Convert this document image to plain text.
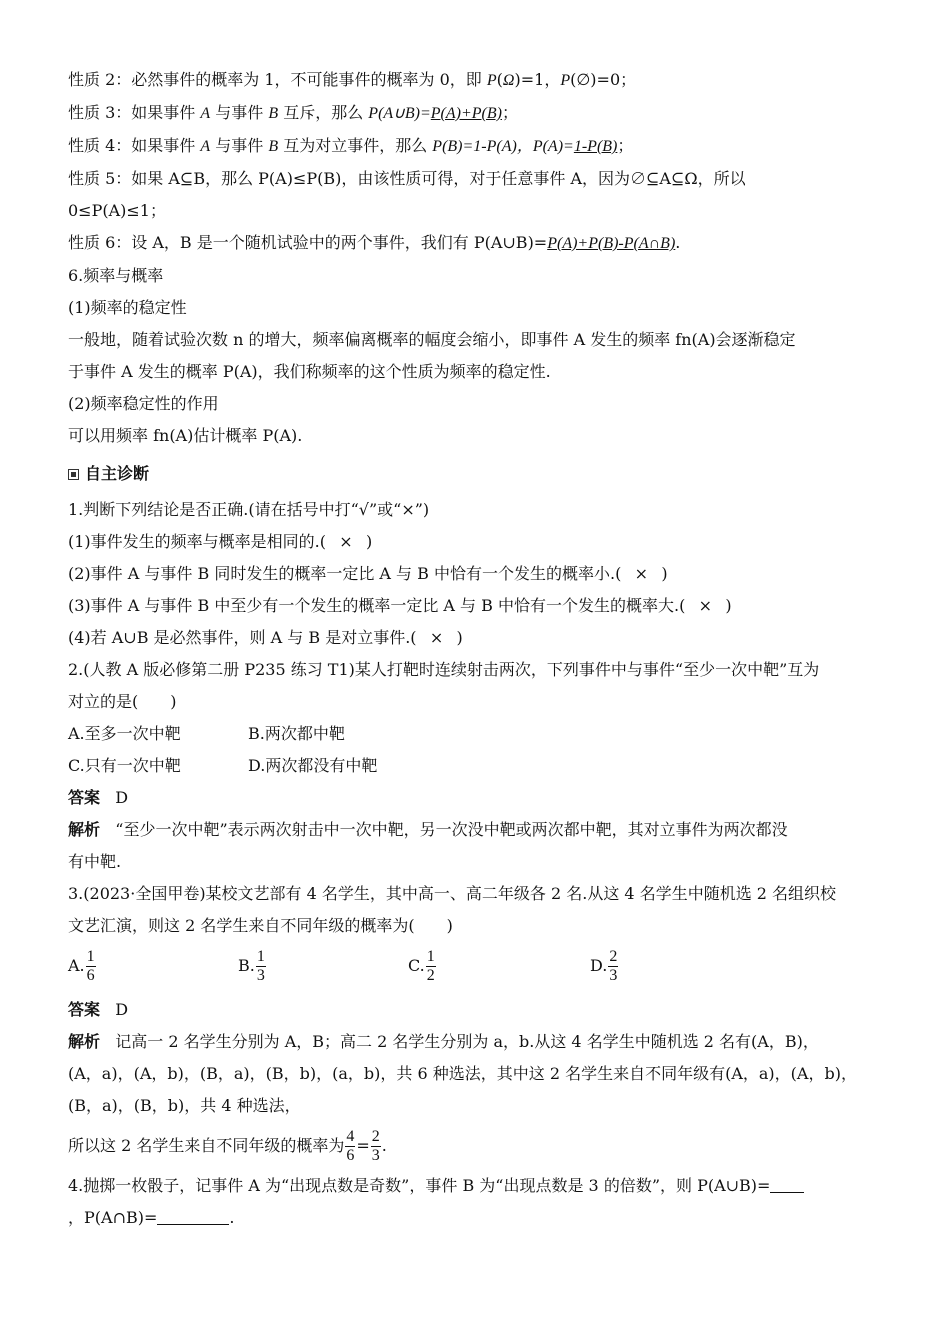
性质 2：必然事件的概率为 1，不可能事件的概率为 0，即 P(Ω)=1，P(∅)=0；
性质 3：如果事件 A 与事件 B 互斥，那么 P(A∪B)=P(A)+P(B)；
性质 4：如果事件 A 与事件 B 互为对立事件，那么 P(B)=1-P(A)，P(A)=1-P(B)；
性质 5：如果 A⊆B，那么 P(A)≤P(B)，由该性质可得，对于任意事件 A，因为∅⊆A⊆Ω，所以
0≤P(A)≤1；
性质 6：设 A，B 是一个随机试验中的两个事件，我们有 P(A∪B)=P(A)+P(B)-P(A∩B).
6.频率与概率
(1)频率的稳定性
一般地，随着试验次数 n 的增大，频率偏离概率的幅度会缩小，即事件 A 发生的频率 fn(A)会逐渐稳定
于事件 A 发生的概率 P(A)，我们称频率的这个性质为频率的稳定性.
(2)频率稳定性的作用
可以用频率 fn(A)估计概率 P(A).
自主诊断
1.判断下列结论是否正确.(请在括号中打“√”或“×”)
(1)事件发生的频率与概率是相同的.( × )
(2)事件 A 与事件 B 同时发生的概率一定比 A 与 B 中恰有一个发生的概率小.( × )
(3)事件 A 与事件 B 中至少有一个发生的概率一定比 A 与 B 中恰有一个发生的概率大.( × )
(4)若 A∪B 是必然事件，则 A 与 B 是对立事件.( × )
2.(人教 A 版必修第二册 P235 练习 T1)某人打靶时连续射击两次，下列事件中与事件“至少一次中靶”互为
对立的是(　　)
A.至多一次中靶	B.两次都中靶
C.只有一次中靶	D.两次都没有中靶
答案 D
解析 “至少一次中靶”表示两次射击中一次中靶，另一次没中靶或两次都中靶，其对立事件为两次都没
有中靶.
3.(2023·全国甲卷)某校文艺部有 4 名学生，其中高一、高二年级各 2 名.从这 4 名学生中随机选 2 名组织校
文艺汇演，则这 2 名学生来自不同年级的概率为(　　)
A. $\frac{1}{6}$	B. $\frac{1}{3}$	C. $\frac{1}{2}$	D. $\frac{2}{3}$
答案 D
解析 记高一 2 名学生分别为 A，B；高二 2 名学生分别为 a，b.从这 4 名学生中随机选 2 名有(A，B)，
(A，a)，(A，b)，(B，a)，(B，b)，(a，b)，共 6 种选法，其中这 2 名学生来自不同年级有(A，a)，(A，b)，
(B，a)，(B，b)，共 4 种选法，
所以这 2 名学生来自不同年级的概率为 $\frac{4}{6} = \frac{2}{3}$ .
4.抛掷一枚骰子，记事件 A 为“出现点数是奇数”，事件 B 为“出现点数是 3 的倍数”，则 P(A∪B)=
，P(A∩B)=	.
